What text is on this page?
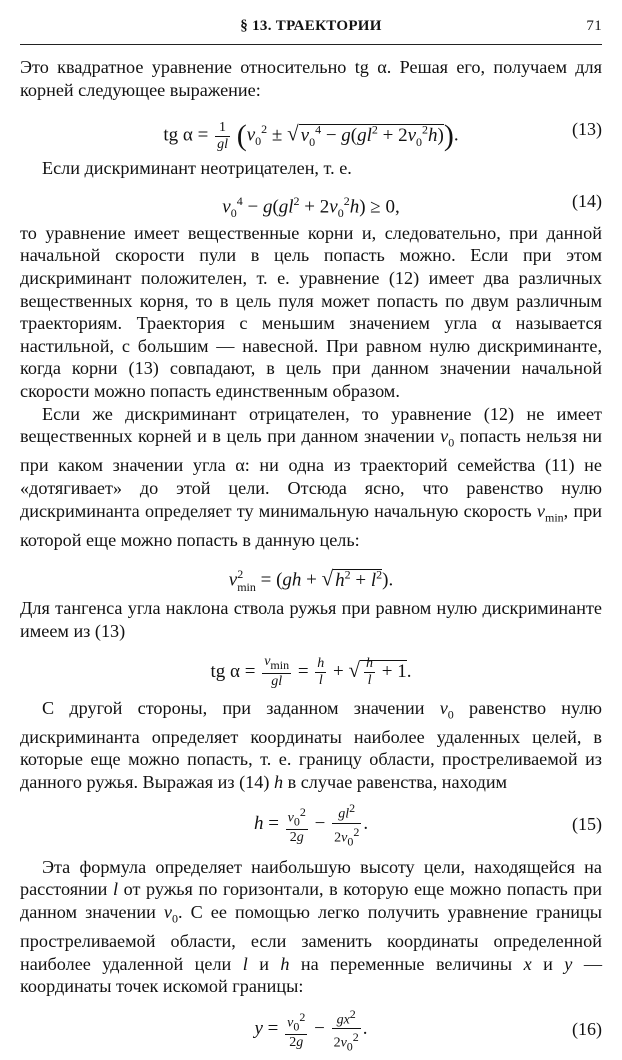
§ 13. ТРАЕКТОРИИ	71

Это квадратное уравнение относительно tg α. Решая его, получаем для корней следующее выражение:

tg $\alpha = \frac{1}{gl} (v_0^2$ ± √ $v_0^4 - g(gl^2 + 2v_0^2h)$).	(13)

Если дискриминант неотрицателен, т. е.

$v_0^4 - g(gl^2 + 2v_0^2h) \ge 0$,	(14)

то уравнение имеет вещественные корни и, следовательно, при данной начальной скорости пули в цель попасть можно. Если при этом дискриминант положителен, т. е. уравнение (12) имеет два различных вещественных корня, то в цель пуля может попасть по двум различным траекториям. Траектория с меньшим значением угла α называется настильной, с большим — навесной. При равном нулю дискриминанте, когда корни (13) совпадают, в цель при данном значении начальной скорости можно попасть единственным образом.

Если же дискриминант отрицателен, то уравнение (12) не имеет вещественных корней и в цель при данном значении $v_0$ попасть нельзя ни при каком значении угла α: ни одна из траекторий семейства (11) не «дотягивает» до этой цели. Отсюда ясно, что равенство нулю дискриминанта определяет ту минимальную начальную скорость $v_{min}$, при которой еще можно попасть в данную цель:

$v^2_{min} = (gh$ + √ $h^2 + l^2$).

Для тангенса угла наклона ствола ружья при равном нулю дискриминанте имеем из (13)

tg $\alpha = \frac{v_{min}}{gl} = \frac{h}{l}$ + √ $\frac{h}{l} + 1$.

С другой стороны, при заданном значении $v_0$ равенство нулю дискриминанта определяет координаты наиболее удаленных целей, в которые еще можно попасть, т. е. границу области, простреливаемой из данного ружья. Выражая из (14) h в случае равенства, находим

$h = \frac{v_0^2}{2g} - \frac{gl^2}{2v_0^2}$ .	(15)

Эта формула определяет наибольшую высоту цели, находящейся на расстоянии l от ружья по горизонтали, в которую еще можно попасть при данном значении $v_0$. С ее помощью легко получить уравнение границы простреливаемой области, если заменить координаты определенной наиболее удаленной цели l и h на переменные величины x и y — координаты точек искомой границы:

$y = \frac{v_0^2}{2g} - \frac{gx^2}{2v_0^2}$ .	(16)
